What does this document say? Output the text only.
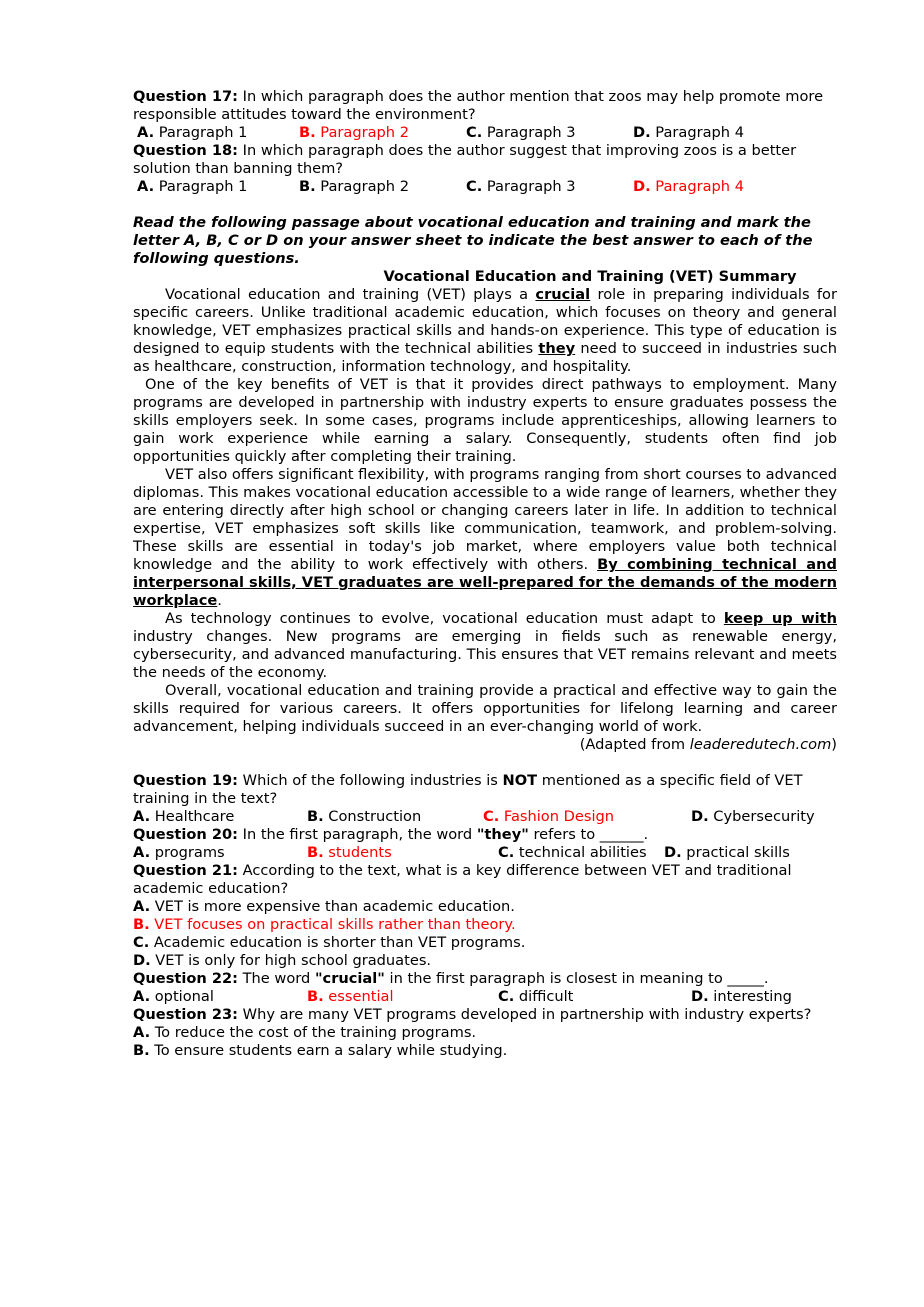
Question 17: In which paragraph does the author mention that zoos may help promote more responsible attitudes toward the environment?

A. Paragraph 1	B. Paragraph 2	C. Paragraph 3	D. Paragraph 4

Question 18: In which paragraph does the author suggest that improving zoos is a better solution than banning them?

A. Paragraph 1	B. Paragraph 2	C. Paragraph 3	D. Paragraph 4

Read the following passage about vocational education and training and mark the letter A, B, C or D on your answer sheet to indicate the best answer to each of the following questions.

Vocational Education and Training (VET) Summary

Vocational education and training (VET) plays a crucial role in preparing individuals for specific careers. Unlike traditional academic education, which focuses on theory and general knowledge, VET emphasizes practical skills and hands-on experience. This type of education is designed to equip students with the technical abilities they need to succeed in industries such as healthcare, construction, information technology, and hospitality.

One of the key benefits of VET is that it provides direct pathways to employment. Many programs are developed in partnership with industry experts to ensure graduates possess the skills employers seek. In some cases, programs include apprenticeships, allowing learners to gain work experience while earning a salary. Consequently, students often find job opportunities quickly after completing their training.

VET also offers significant flexibility, with programs ranging from short courses to advanced diplomas. This makes vocational education accessible to a wide range of learners, whether they are entering directly after high school or changing careers later in life. In addition to technical expertise, VET emphasizes soft skills like communication, teamwork, and problem-solving. These skills are essential in today's job market, where employers value both technical knowledge and the ability to work effectively with others. By combining technical and interpersonal skills, VET graduates are well-prepared for the demands of the modern workplace.

As technology continues to evolve, vocational education must adapt to keep up with industry changes. New programs are emerging in fields such as renewable energy, cybersecurity, and advanced manufacturing. This ensures that VET remains relevant and meets the needs of the economy.

Overall, vocational education and training provide a practical and effective way to gain the skills required for various careers. It offers opportunities for lifelong learning and career advancement, helping individuals succeed in an ever-changing world of work.

(Adapted from leaderedutech.com)

Question 19: Which of the following industries is NOT mentioned as a specific field of VET training in the text?

A. Healthcare	B. Construction	C. Fashion Design	D. Cybersecurity

Question 20: In the first paragraph, the word "they" refers to ______.

A. programs	B. students	C. technical abilities D. practical skills

Question 21: According to the text, what is a key difference between VET and traditional academic education?

A. VET is more expensive than academic education.

B. VET focuses on practical skills rather than theory.

C. Academic education is shorter than VET programs.

D. VET is only for high school graduates.

Question 22: The word "crucial" in the first paragraph is closest in meaning to _____.

A. optional	B. essential	C. difficult	D. interesting

Question 23: Why are many VET programs developed in partnership with industry experts?

A. To reduce the cost of the training programs.

B. To ensure students earn a salary while studying.
